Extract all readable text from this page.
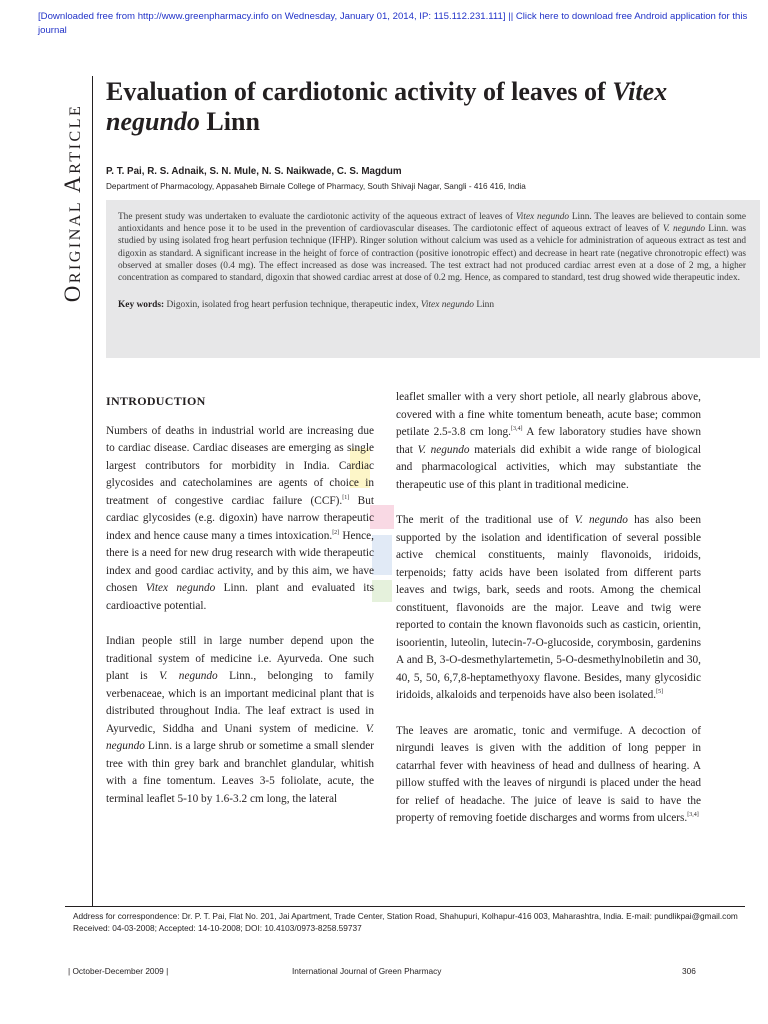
[Downloaded free from http://www.greenpharmacy.info on Wednesday, January 01, 2014, IP: 115.112.231.111] || Click here to download free Android application for this journal
Original Article
Evaluation of cardiotonic activity of leaves of Vitex negundo Linn
P. T. Pai, R. S. Adnaik, S. N. Mule, N. S. Naikwade, C. S. Magdum
Department of Pharmacology, Appasaheb Birnale College of Pharmacy, South Shivaji Nagar, Sangli - 416 416, India

The present study was undertaken to evaluate the cardiotonic activity of the aqueous extract of leaves of Vitex negundo Linn. The leaves are believed to contain some antioxidants and hence pose it to be used in the prevention of cardiovascular diseases. The cardiotonic effect of aqueous extract of leaves of V. negundo Linn. was studied by using isolated frog heart perfusion technique (IFHP). Ringer solution without calcium was used as a vehicle for administration of aqueous extract as test and digoxin as standard. A significant increase in the height of force of contraction (positive ionotropic effect) and decrease in heart rate (negative chronotropic effect) was observed at smaller doses (0.4 mg). The effect increased as dose was increased. The test extract had not produced cardiac arrest even at a dose of 2 mg, a higher concentration as compared to standard, digoxin that showed cardiac arrest at dose of 0.2 mg. Hence, as compared to standard, test drug showed wide therapeutic index.

Key words: Digoxin, isolated frog heart perfusion technique, therapeutic index, Vitex negundo Linn

INTRODUCTION

Numbers of deaths in industrial world are increasing due to cardiac disease. Cardiac diseases are emerging as single largest contributors for morbidity in India. Cardiac glycosides and catecholamines are agents of choice in treatment of congestive cardiac failure (CCF).[1] But cardiac glycosides (e.g. digoxin) have narrow therapeutic index and hence cause many a times intoxication.[2] Hence, there is a need for new drug research with wide therapeutic index and good cardiac activity, and by this aim, we have chosen Vitex negundo Linn. plant and evaluated its cardioactive potential.

Indian people still in large number depend upon the traditional system of medicine i.e. Ayurveda. One such plant is V. negundo Linn., belonging to family verbenaceae, which is an important medicinal plant that is distributed throughout India. The leaf extract is used in Ayurvedic, Siddha and Unani system of medicine. V. negundo Linn. is a large shrub or sometime a small slender tree with thin grey bark and branchlet glandular, whitish with a fine tomentum. Leaves 3-5 foliolate, acute, the terminal leaflet 5-10 by 1.6-3.2 cm long, the lateral

leaflet smaller with a very short petiole, all nearly glabrous above, covered with a fine white tomentum beneath, acute base; common petilate 2.5-3.8 cm long.[3,4] A few laboratory studies have shown that V. negundo materials did exhibit a wide range of biological and pharmacological activities, which may substantiate the therapeutic use of this plant in traditional medicine.

The merit of the traditional use of V. negundo has also been supported by the isolation and identification of several possible active chemical constituents, mainly flavonoids, iridoids, terpenoids; fatty acids have been isolated from different parts leaves and twigs, bark, seeds and roots. Among the chemical constituent, flavonoids are the major. Leave and twig were reported to contain the known flavonoids such as casticin, orientin, isoorientin, luteolin, lutecin-7-O-glucoside, corymbosin, gardenins A and B, 3-O-desmethylartemetin, 5-O-desmethylnobiletin and 30, 40, 5, 50, 6,7,8-heptamethyoxy flavone. Besides, many glycosidic iridoids, alkaloids and terpenoids have also been isolated.[5]

The leaves are aromatic, tonic and vermifuge. A decoction of nirgundi leaves is given with the addition of long pepper in catarrhal fever with heaviness of head and dullness of hearing. A pillow stuffed with the leaves of nirgundi is placed under the head for relief of headache. The juice of leave is said to have the property of removing foetide discharges and worms from ulcers.[3,4]

Address for correspondence: Dr. P. T. Pai, Flat No. 201, Jai Apartment, Trade Center, Station Road, Shahupuri, Kolhapur-416 003, Maharashtra, India. E-mail: pundlikpai@gmail.com
Received: 04-03-2008; Accepted: 14-10-2008; DOI: 10.4103/0973-8258.59737
| October-December 2009 |	International Journal of Green Pharmacy	306
